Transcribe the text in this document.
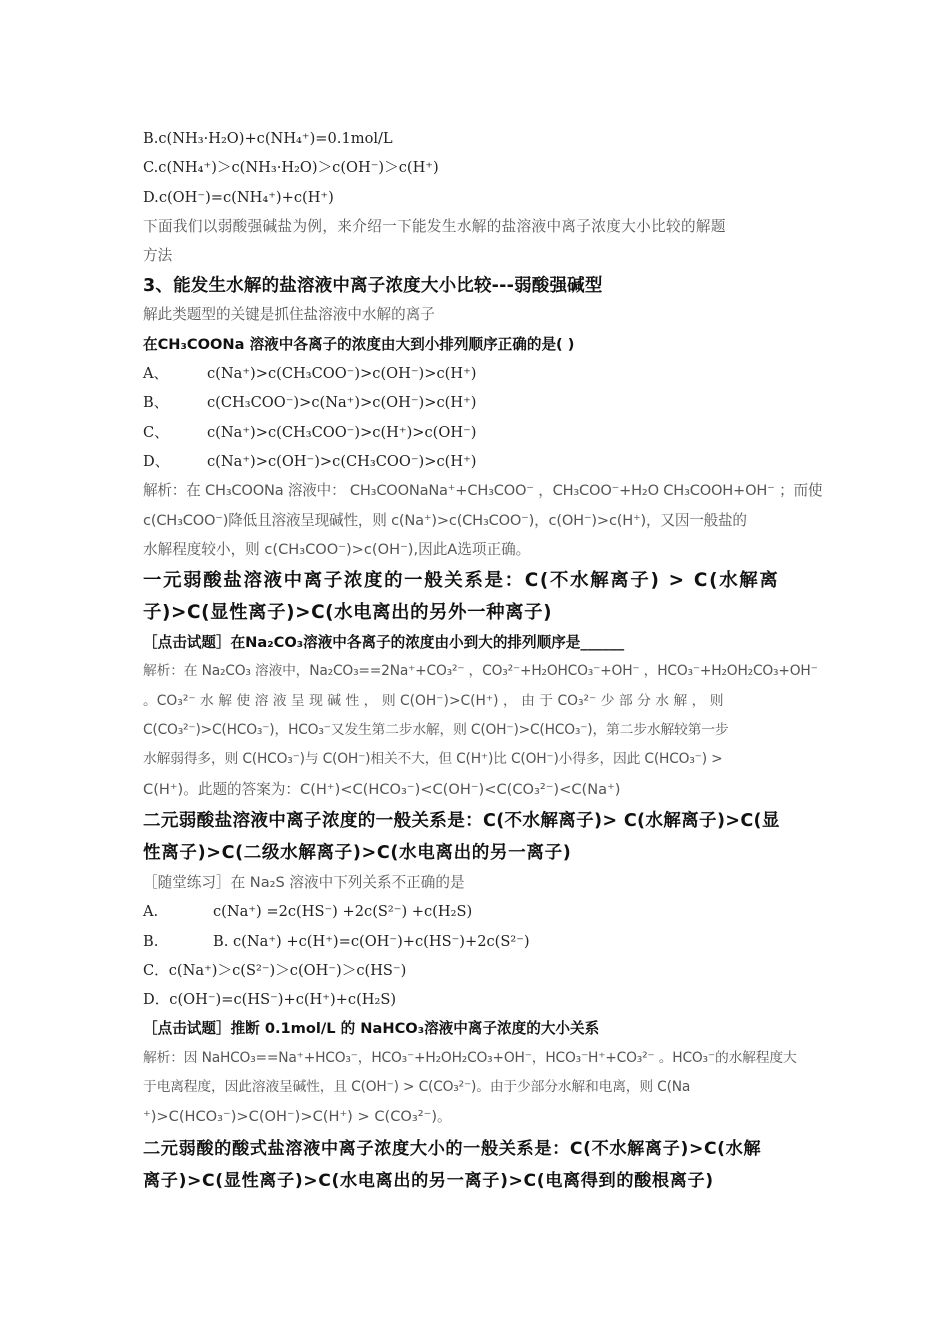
B.c(NH₃·H₂O)+c(NH₄⁺)=0.1mol/L

C.c(NH₄⁺)＞c(NH₃·H₂O)＞c(OH⁻)＞c(H⁺)

D.c(OH⁻)=c(NH₄⁺)+c(H⁺)

下面我们以弱酸强碱盐为例，来介绍一下能发生水解的盐溶液中离子浓度大小比较的解题

方法

3、能发生水解的盐溶液中离子浓度大小比较---弱酸强碱型

解此类题型的关键是抓住盐溶液中水解的离子

在CH₃COONa 溶液中各离子的浓度由大到小排列顺序正确的是( )

A、	c(Na⁺)>c(CH₃COO⁻)>c(OH⁻)>c(H⁺)

B、	c(CH₃COO⁻)>c(Na⁺)>c(OH⁻)>c(H⁺)

C、	c(Na⁺)>c(CH₃COO⁻)>c(H⁺)>c(OH⁻)

D、	c(Na⁺)>c(OH⁻)>c(CH₃COO⁻)>c(H⁺)

解析：在 CH₃COONa 溶液中： CH₃COONaNa⁺+CH₃COO⁻ ，CH₃COO⁻+H₂O CH₃COOH+OH⁻ ；而使

c(CH₃COO⁻)降低且溶液呈现碱性，则 c(Na⁺)>c(CH₃COO⁻)，c(OH⁻)>c(H⁺)，又因一般盐的

水解程度较小，则 c(CH₃COO⁻)>c(OH⁻),因此A选项正确。

一元弱酸盐溶液中离子浓度的一般关系是：C(不水解离子) > C(水解离

子)>C(显性离子)>C(水电离出的另外一种离子)

［点击试题］在Na₂CO₃溶液中各离子的浓度由小到大的排列顺序是______

解析：在 Na₂CO₃ 溶液中，Na₂CO₃==2Na⁺+CO₃²⁻ ，CO₃²⁻+H₂OHCO₃⁻+OH⁻ ，HCO₃⁻+H₂OH₂CO₃+OH⁻

。CO₃²⁻ 水 解 使 溶 液 呈 现 碱 性 ， 则 C(OH⁻)>C(H⁺) ， 由 于 CO₃²⁻ 少 部 分 水 解 ， 则

C(CO₃²⁻)>C(HCO₃⁻)，HCO₃⁻又发生第二步水解，则 C(OH⁻)>C(HCO₃⁻)，第二步水解较第一步

水解弱得多，则 C(HCO₃⁻)与 C(OH⁻)相关不大，但 C(H⁺)比 C(OH⁻)小得多，因此 C(HCO₃⁻) >

C(H⁺)。此题的答案为：C(H⁺)<C(HCO₃⁻)<C(OH⁻)<C(CO₃²⁻)<C(Na⁺)

二元弱酸盐溶液中离子浓度的一般关系是：C(不水解离子)> C(水解离子)>C(显

性离子)>C(二级水解离子)>C(水电离出的另一离子)

［随堂练习］在 Na₂S 溶液中下列关系不正确的是

A.	c(Na⁺) =2c(HS⁻) +2c(S²⁻) +c(H₂S)

B.	B. c(Na⁺) +c(H⁺)=c(OH⁻)+c(HS⁻)+2c(S²⁻)

C．c(Na⁺)＞c(S²⁻)＞c(OH⁻)＞c(HS⁻)

D．c(OH⁻)=c(HS⁻)+c(H⁺)+c(H₂S)

［点击试题］推断 0.1mol/L 的 NaHCO₃溶液中离子浓度的大小关系

解析：因 NaHCO₃==Na⁺+HCO₃⁻，HCO₃⁻+H₂OH₂CO₃+OH⁻，HCO₃⁻H⁺+CO₃²⁻ 。HCO₃⁻的水解程度大

于电离程度，因此溶液呈碱性，且 C(OH⁻) > C(CO₃²⁻)。由于少部分水解和电离，则 C(Na

⁺)>C(HCO₃⁻)>C(OH⁻)>C(H⁺) > C(CO₃²⁻)。

二元弱酸的酸式盐溶液中离子浓度大小的一般关系是：C(不水解离子)>C(水解

离子)>C(显性离子)>C(水电离出的另一离子)>C(电离得到的酸根离子)
